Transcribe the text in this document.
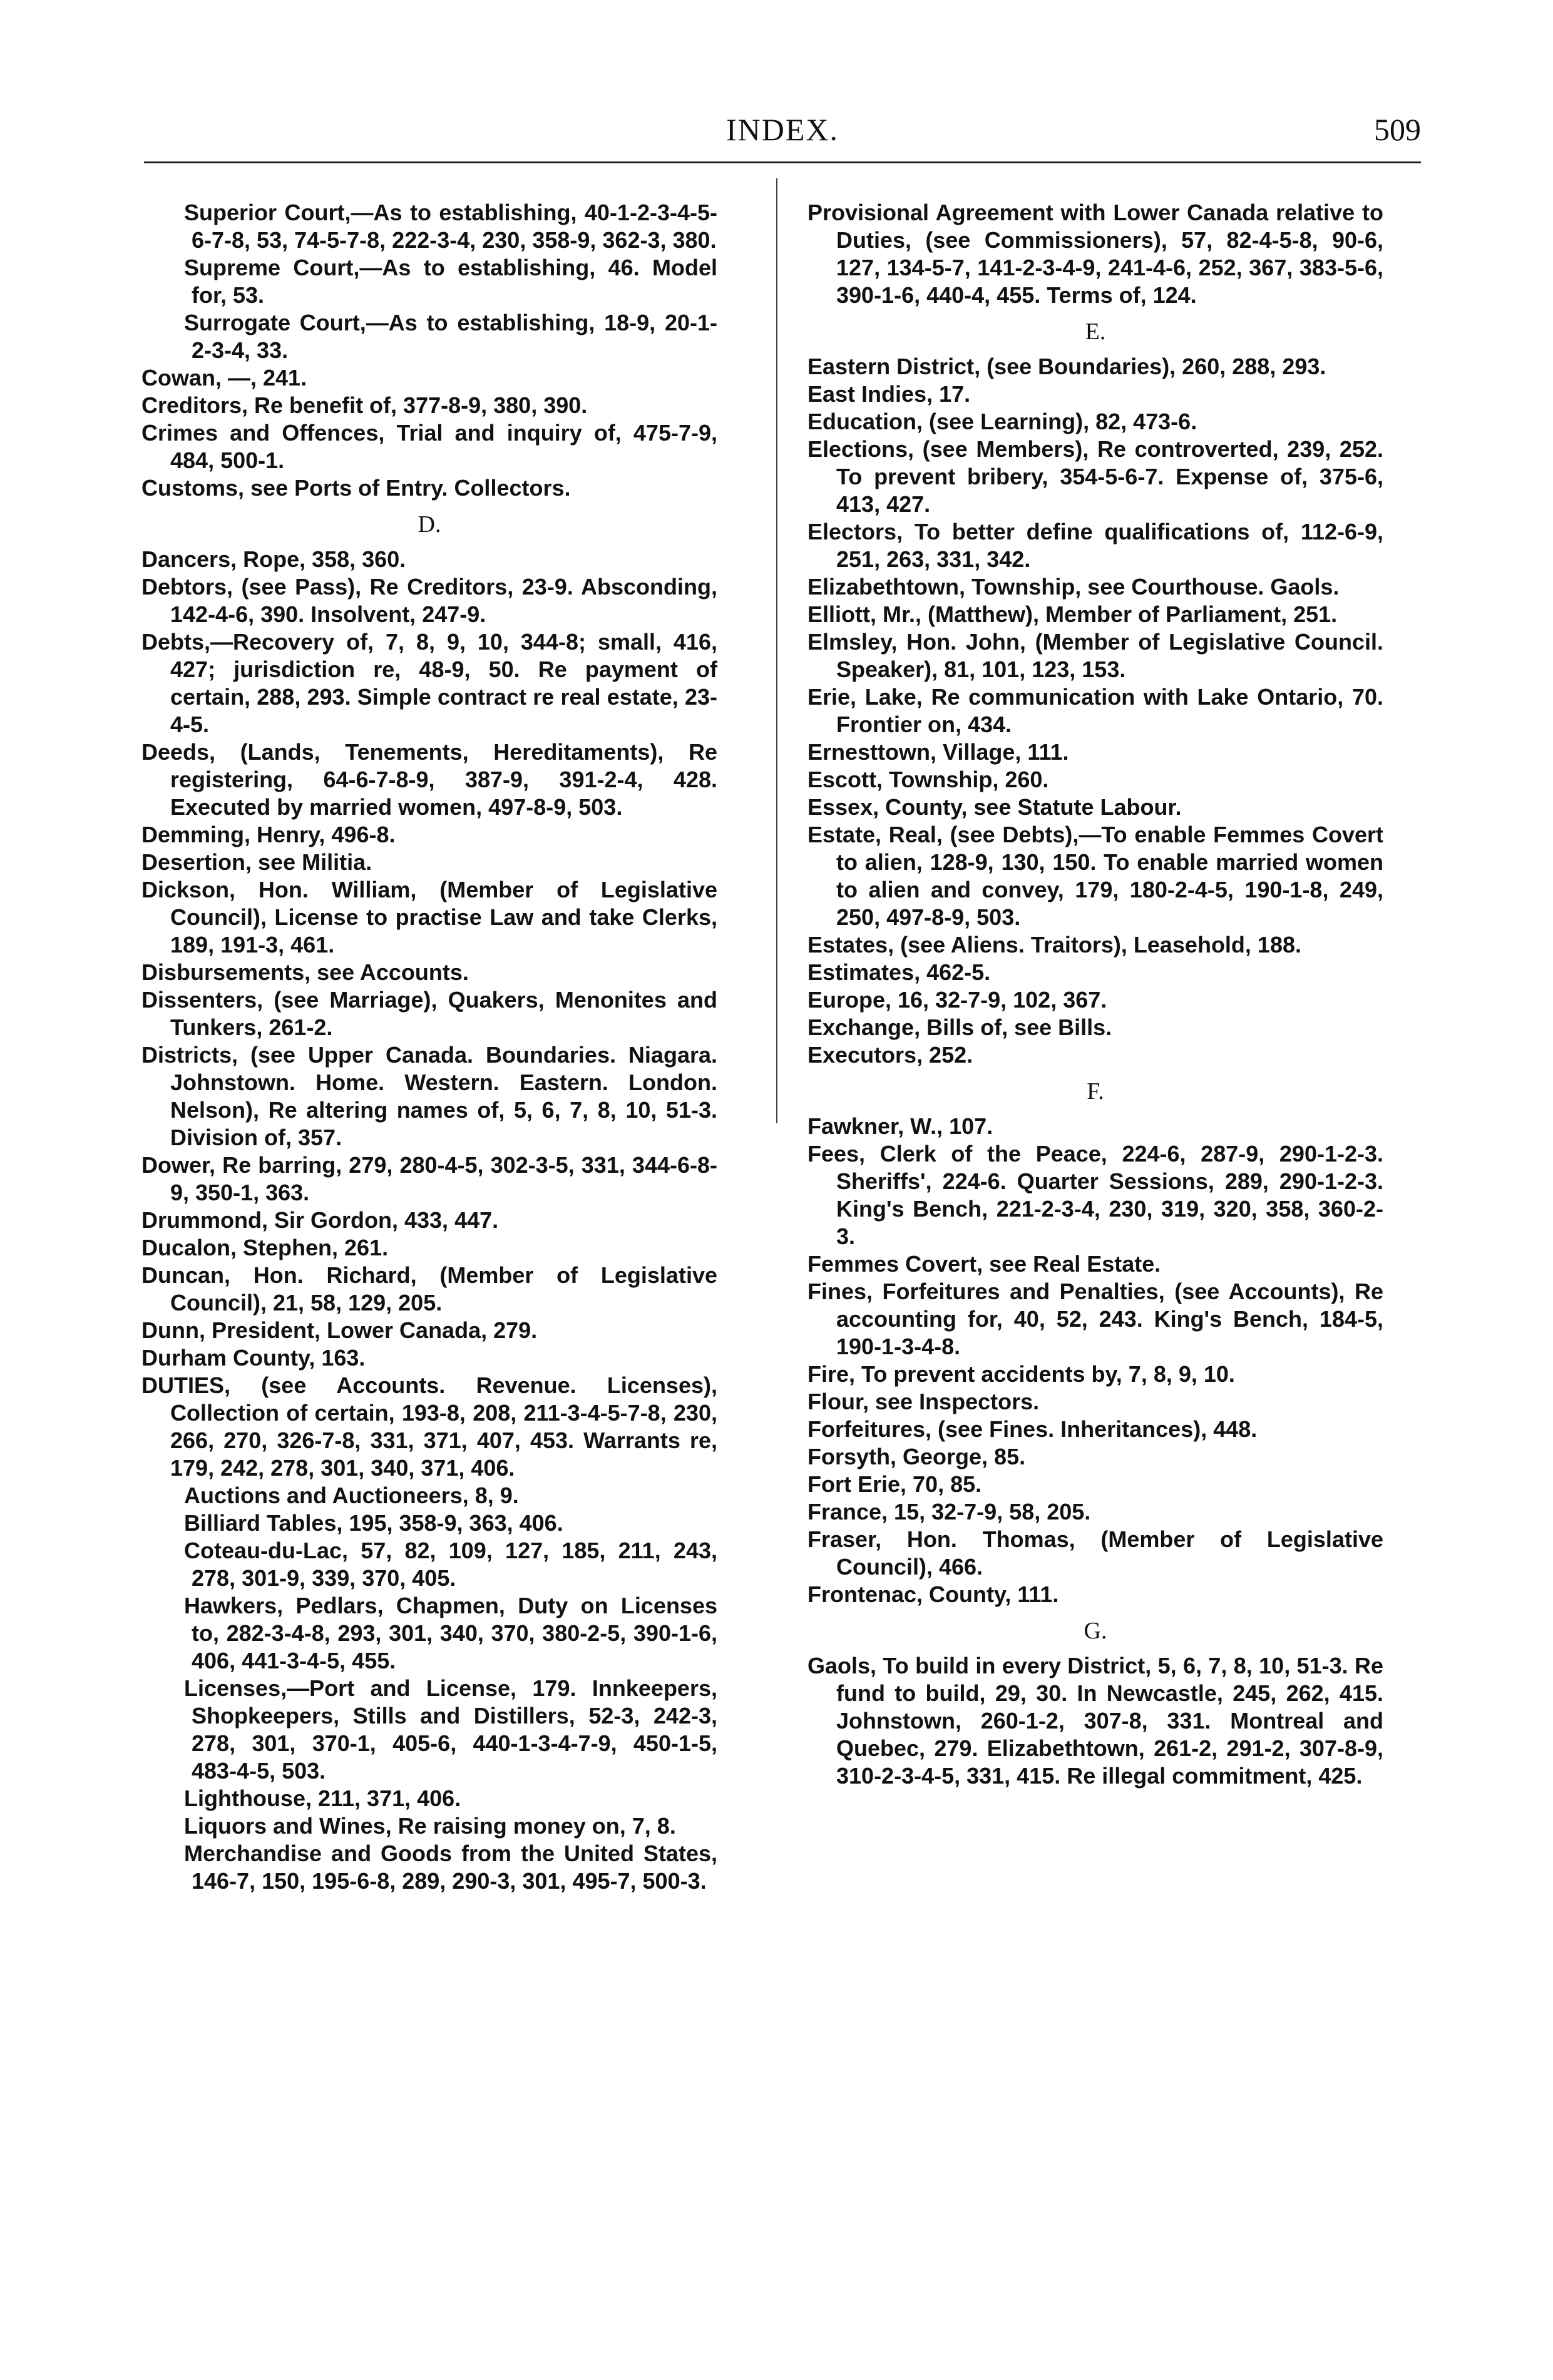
INDEX.	509

Superior Court,—As to establishing, 40-1-2-3-4-5-6-7-8, 53, 74-5-7-8, 222-3-4, 230, 358-9, 362-3, 380.

Supreme Court,—As to establishing, 46. Model for, 53.

Surrogate Court,—As to establishing, 18-9, 20-1-2-3-4, 33.

Cowan, —, 241.

Creditors, Re benefit of, 377-8-9, 380, 390.

Crimes and Offences, Trial and inquiry of, 475-7-9, 484, 500-1.

Customs, see Ports of Entry. Collectors.

D.

Dancers, Rope, 358, 360.

Debtors, (see Pass), Re Creditors, 23-9. Absconding, 142-4-6, 390. Insolvent, 247-9.

Debts,—Recovery of, 7, 8, 9, 10, 344-8; small, 416, 427; jurisdiction re, 48-9, 50. Re payment of certain, 288, 293. Simple contract re real estate, 23-4-5.

Deeds, (Lands, Tenements, Hereditaments), Re registering, 64-6-7-8-9, 387-9, 391-2-4, 428. Executed by married women, 497-8-9, 503.

Demming, Henry, 496-8.

Desertion, see Militia.

Dickson, Hon. William, (Member of Legislative Council), License to practise Law and take Clerks, 189, 191-3, 461.

Disbursements, see Accounts.

Dissenters, (see Marriage), Quakers, Menonites and Tunkers, 261-2.

Districts, (see Upper Canada. Boundaries. Niagara. Johnstown. Home. Western. Eastern. London. Nelson), Re altering names of, 5, 6, 7, 8, 10, 51-3. Division of, 357.

Dower, Re barring, 279, 280-4-5, 302-3-5, 331, 344-6-8-9, 350-1, 363.

Drummond, Sir Gordon, 433, 447.

Ducalon, Stephen, 261.

Duncan, Hon. Richard, (Member of Legislative Council), 21, 58, 129, 205.

Dunn, President, Lower Canada, 279.

Durham County, 163.

DUTIES, (see Accounts. Revenue. Licenses), Collection of certain, 193-8, 208, 211-3-4-5-7-8, 230, 266, 270, 326-7-8, 331, 371, 407, 453. Warrants re, 179, 242, 278, 301, 340, 371, 406.

Auctions and Auctioneers, 8, 9.

Billiard Tables, 195, 358-9, 363, 406.

Coteau-du-Lac, 57, 82, 109, 127, 185, 211, 243, 278, 301-9, 339, 370, 405.

Hawkers, Pedlars, Chapmen, Duty on Licenses to, 282-3-4-8, 293, 301, 340, 370, 380-2-5, 390-1-6, 406, 441-3-4-5, 455.

Licenses,—Port and License, 179. Innkeepers, Shopkeepers, Stills and Distillers, 52-3, 242-3, 278, 301, 370-1, 405-6, 440-1-3-4-7-9, 450-1-5, 483-4-5, 503.

Lighthouse, 211, 371, 406.

Liquors and Wines, Re raising money on, 7, 8.

Merchandise and Goods from the United States, 146-7, 150, 195-6-8, 289, 290-3, 301, 495-7, 500-3.

Provisional Agreement with Lower Canada relative to Duties, (see Commissioners), 57, 82-4-5-8, 90-6, 127, 134-5-7, 141-2-3-4-9, 241-4-6, 252, 367, 383-5-6, 390-1-6, 440-4, 455. Terms of, 124.

E.

Eastern District, (see Boundaries), 260, 288, 293.

East Indies, 17.

Education, (see Learning), 82, 473-6.

Elections, (see Members), Re controverted, 239, 252. To prevent bribery, 354-5-6-7. Expense of, 375-6, 413, 427.

Electors, To better define qualifications of, 112-6-9, 251, 263, 331, 342.

Elizabethtown, Township, see Courthouse. Gaols.

Elliott, Mr., (Matthew), Member of Parliament, 251.

Elmsley, Hon. John, (Member of Legislative Council. Speaker), 81, 101, 123, 153.

Erie, Lake, Re communication with Lake Ontario, 70. Frontier on, 434.

Ernesttown, Village, 111.

Escott, Township, 260.

Essex, County, see Statute Labour.

Estate, Real, (see Debts),—To enable Femmes Covert to alien, 128-9, 130, 150. To enable married women to alien and convey, 179, 180-2-4-5, 190-1-8, 249, 250, 497-8-9, 503.

Estates, (see Aliens. Traitors), Leasehold, 188.

Estimates, 462-5.

Europe, 16, 32-7-9, 102, 367.

Exchange, Bills of, see Bills.

Executors, 252.

F.

Fawkner, W., 107.

Fees, Clerk of the Peace, 224-6, 287-9, 290-1-2-3. Sheriffs', 224-6. Quarter Sessions, 289, 290-1-2-3. King's Bench, 221-2-3-4, 230, 319, 320, 358, 360-2-3.

Femmes Covert, see Real Estate.

Fines, Forfeitures and Penalties, (see Accounts), Re accounting for, 40, 52, 243. King's Bench, 184-5, 190-1-3-4-8.

Fire, To prevent accidents by, 7, 8, 9, 10.

Flour, see Inspectors.

Forfeitures, (see Fines. Inheritances), 448.

Forsyth, George, 85.

Fort Erie, 70, 85.

France, 15, 32-7-9, 58, 205.

Fraser, Hon. Thomas, (Member of Legislative Council), 466.

Frontenac, County, 111.

G.

Gaols, To build in every District, 5, 6, 7, 8, 10, 51-3. Re fund to build, 29, 30. In Newcastle, 245, 262, 415. Johnstown, 260-1-2, 307-8, 331. Montreal and Quebec, 279. Elizabethtown, 261-2, 291-2, 307-8-9, 310-2-3-4-5, 331, 415. Re illegal commitment, 425.
